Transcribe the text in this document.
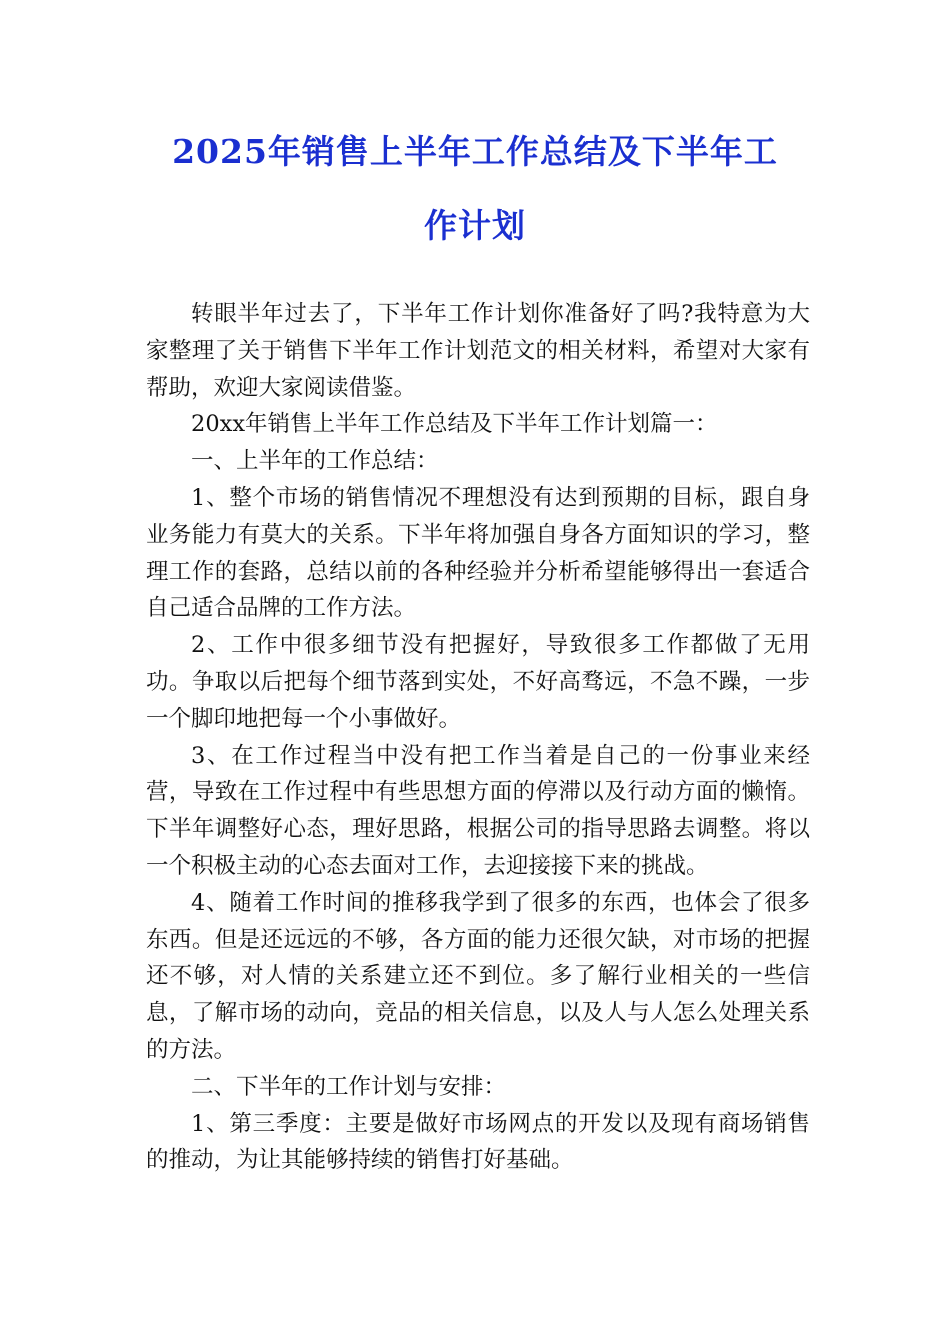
2025年销售上半年工作总结及下半年工
作计划

转眼半年过去了，下半年工作计划你准备好了吗?我特意为大家整理了关于销售下半年工作计划范文的相关材料，希望对大家有帮助，欢迎大家阅读借鉴。

20xx年销售上半年工作总结及下半年工作计划篇一：

一、上半年的工作总结：

1、整个市场的销售情况不理想没有达到预期的目标，跟自身业务能力有莫大的关系。下半年将加强自身各方面知识的学习，整理工作的套路，总结以前的各种经验并分析希望能够得出一套适合自己适合品牌的工作方法。

2、工作中很多细节没有把握好，导致很多工作都做了无用功。争取以后把每个细节落到实处，不好高骛远，不急不躁，一步一个脚印地把每一个小事做好。

3、在工作过程当中没有把工作当着是自己的一份事业来经营，导致在工作过程中有些思想方面的停滞以及行动方面的懒惰。下半年调整好心态，理好思路，根据公司的指导思路去调整。将以一个积极主动的心态去面对工作，去迎接接下来的挑战。

4、随着工作时间的推移我学到了很多的东西，也体会了很多东西。但是还远远的不够，各方面的能力还很欠缺，对市场的把握还不够，对人情的关系建立还不到位。多了解行业相关的一些信息，了解市场的动向，竞品的相关信息，以及人与人怎么处理关系的方法。

二、下半年的工作计划与安排：

1、第三季度：主要是做好市场网点的开发以及现有商场销售的推动，为让其能够持续的销售打好基础。
